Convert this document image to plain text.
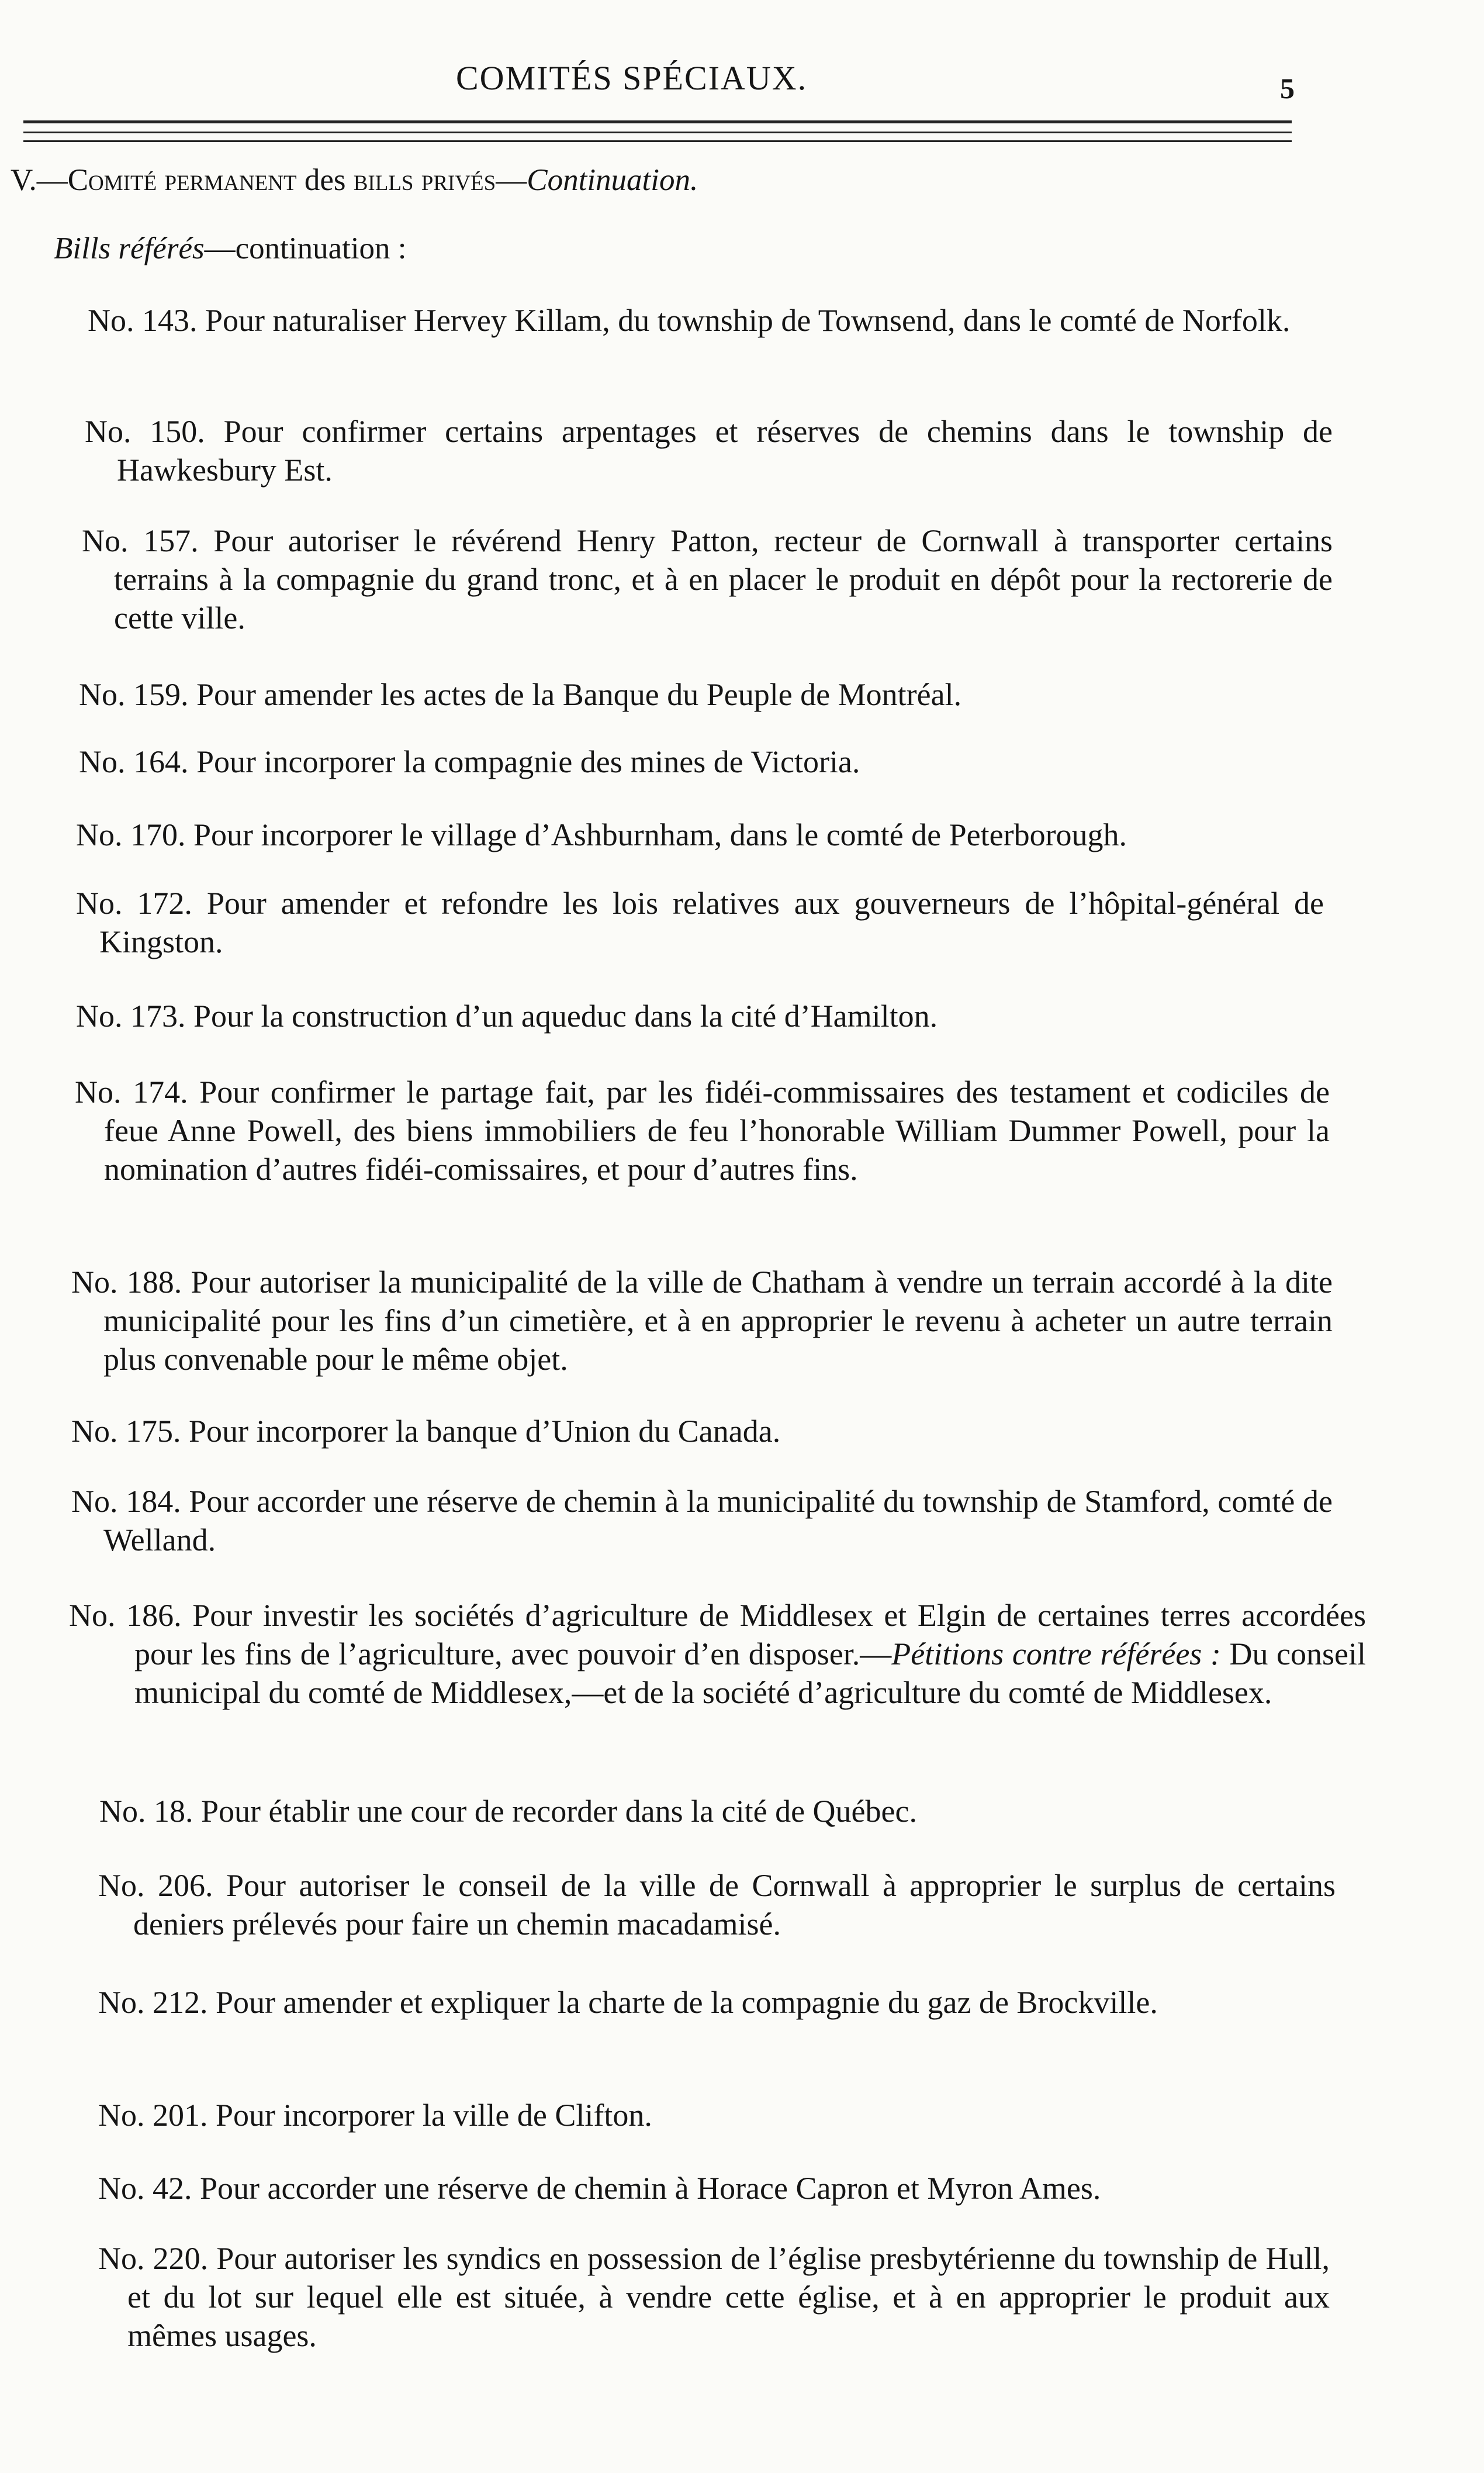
COMITÉS SPÉCIAUX.	5
V.—Comité permanent des bills privés—Continuation.
Bills référés—continuation :
No. 143. Pour naturaliser Hervey Killam, du township de Townsend, dans le comté de Norfolk.
No. 150. Pour confirmer certains arpentages et réserves de chemins dans le township de Hawkesbury Est.
No. 157. Pour autoriser le révérend Henry Patton, recteur de Cornwall à transporter certains terrains à la compagnie du grand tronc, et à en placer le produit en dépôt pour la rectorerie de cette ville.
No. 159. Pour amender les actes de la Banque du Peuple de Montréal.
No. 164. Pour incorporer la compagnie des mines de Victoria.
No. 170. Pour incorporer le village d’Ashburnham, dans le comté de Peterborough.
No. 172. Pour amender et refondre les lois relatives aux gouverneurs de l’hôpital-général de Kingston.
No. 173. Pour la construction d’un aqueduc dans la cité d’Hamilton.
No. 174. Pour confirmer le partage fait, par les fidéi-commissaires des testament et codiciles de feue Anne Powell, des biens immobiliers de feu l’honorable William Dummer Powell, pour la nomination d’autres fidéi-comissaires, et pour d’autres fins.
No. 188. Pour autoriser la municipalité de la ville de Chatham à vendre un terrain accordé à la dite municipalité pour les fins d’un cimetière, et à en approprier le revenu à acheter un autre terrain plus convenable pour le même objet.
No. 175. Pour incorporer la banque d’Union du Canada.
No. 184. Pour accorder une réserve de chemin à la municipalité du township de Stamford, comté de Welland.
No. 186. Pour investir les sociétés d’agriculture de Middlesex et Elgin de certaines terres accordées pour les fins de l’agriculture, avec pouvoir d’en disposer.—Pétitions contre référées : Du conseil municipal du comté de Middlesex,—et de la société d’agriculture du comté de Middlesex.
No. 18. Pour établir une cour de recorder dans la cité de Québec.
No. 206. Pour autoriser le conseil de la ville de Cornwall à approprier le surplus de certains deniers prélevés pour faire un chemin macadamisé.
No. 212. Pour amender et expliquer la charte de la compagnie du gaz de Brockville.
No. 201. Pour incorporer la ville de Clifton.
No. 42. Pour accorder une réserve de chemin à Horace Capron et Myron Ames.
No. 220. Pour autoriser les syndics en possession de l’église presbytérienne du township de Hull, et du lot sur lequel elle est située, à vendre cette église, et à en approprier le produit aux mêmes usages.
